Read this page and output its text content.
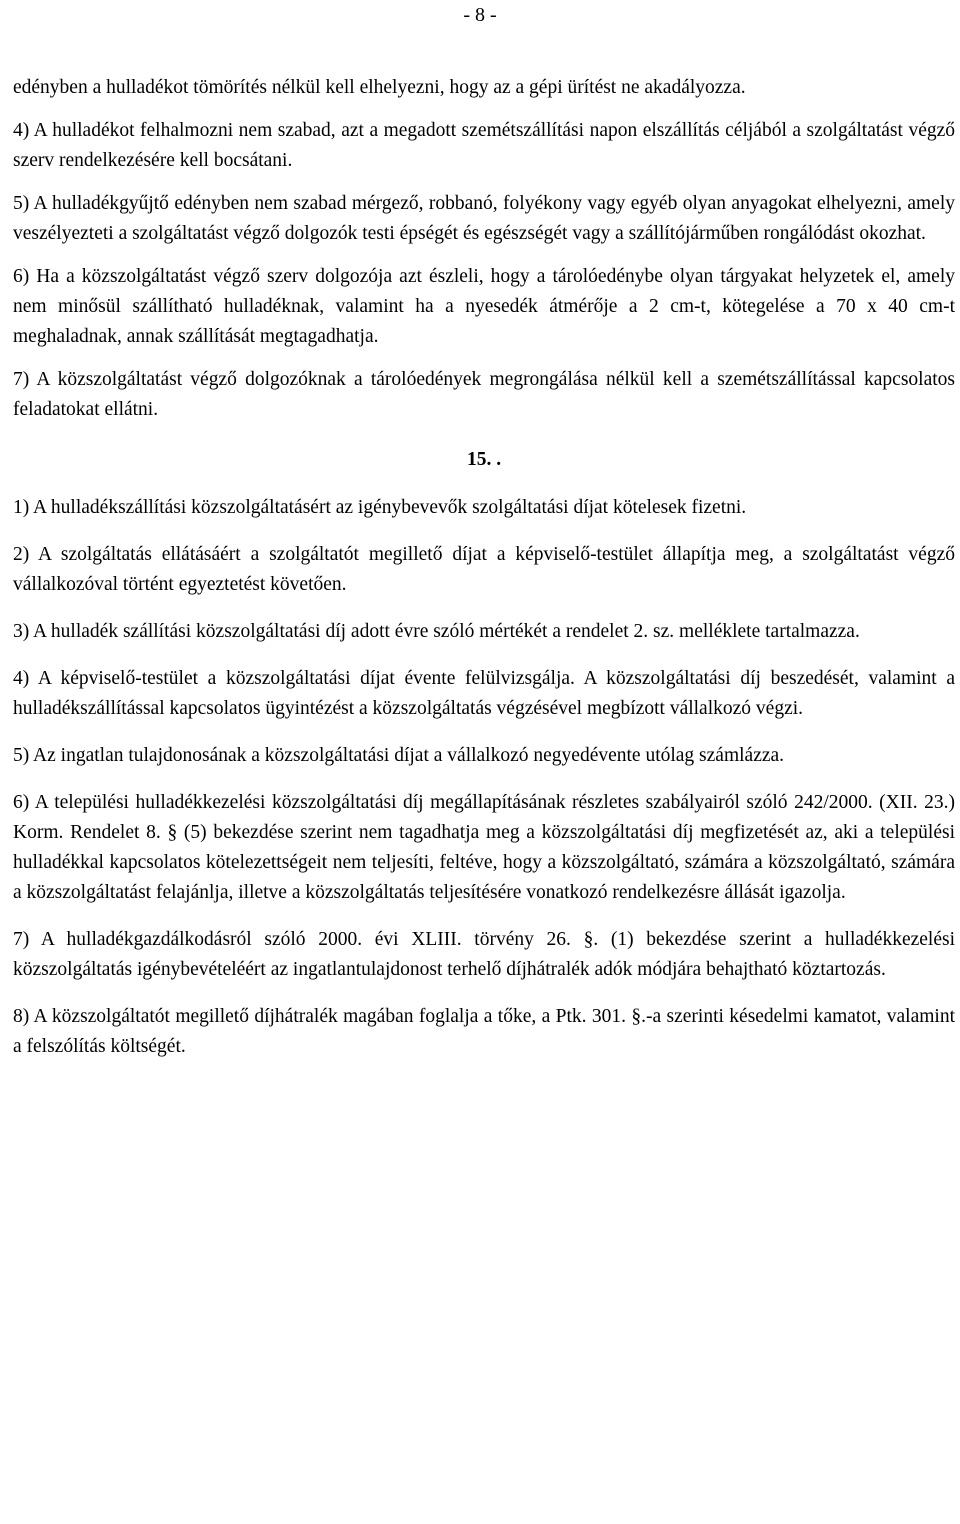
- 8 -

edényben a hulladékot tömörítés nélkül kell elhelyezni, hogy az a gépi ürítést ne akadályozza.

4) A hulladékot felhalmozni nem szabad, azt a megadott szemétszállítási napon elszállítás céljából a szolgáltatást végző szerv rendelkezésére kell bocsátani.

5) A hulladékgyűjtő edényben nem szabad mérgező, robbanó, folyékony vagy egyéb olyan anyagokat elhelyezni, amely veszélyezteti a szolgáltatást végző dolgozók testi épségét és egészségét vagy a szállítójárműben rongálódást okozhat.

6) Ha a közszolgáltatást végző szerv dolgozója azt észleli, hogy a tárolóedénybe olyan tárgyakat helyzetek el, amely nem minősül szállítható hulladéknak, valamint ha a nyesedék átmérője a 2 cm-t, kötegelése a 70 x 40 cm-t meghaladnak, annak szállítását megtagadhatja.

7) A közszolgáltatást végző dolgozóknak a tárolóedények megrongálása nélkül kell a szemétszállítással kapcsolatos feladatokat ellátni.

15. .

1) A hulladékszállítási közszolgáltatásért az igénybevevők szolgáltatási díjat kötelesek fizetni.

2) A szolgáltatás ellátásáért a szolgáltatót megillető díjat a képviselő-testület állapítja meg, a szolgáltatást végző vállalkozóval történt egyeztetést követően.

3) A hulladék szállítási közszolgáltatási díj adott évre szóló mértékét a rendelet 2. sz. melléklete tartalmazza.

4) A képviselő-testület a közszolgáltatási díjat évente felülvizsgálja. A közszolgáltatási díj beszedését, valamint a hulladékszállítással kapcsolatos ügyintézést a közszolgáltatás végzésével megbízott vállalkozó végzi.

5) Az ingatlan tulajdonosának a közszolgáltatási díjat a vállalkozó negyedévente utólag számlázza.

6) A települési hulladékkezelési közszolgáltatási díj megállapításának részletes szabályairól szóló 242/2000. (XII. 23.) Korm. Rendelet 8. § (5) bekezdése szerint nem tagadhatja meg a közszolgáltatási díj megfizetését az, aki a települési hulladékkal kapcsolatos kötelezettségeit nem teljesíti, feltéve, hogy a közszolgáltató, számára a közszolgáltató, számára a közszolgáltatást felajánlja, illetve a közszolgáltatás teljesítésére vonatkozó rendelkezésre állását igazolja.

7) A hulladékgazdálkodásról szóló 2000. évi XLIII. törvény 26. §. (1) bekezdése szerint a hulladékkezelési közszolgáltatás igénybevételéért az ingatlantulajdonost terhelő díjhátralék adók módjára behajtható köztartozás.

8) A közszolgáltatót megillető díjhátralék magában foglalja a tőke, a Ptk. 301. §.-a szerinti késedelmi kamatot, valamint a felszólítás költségét.
